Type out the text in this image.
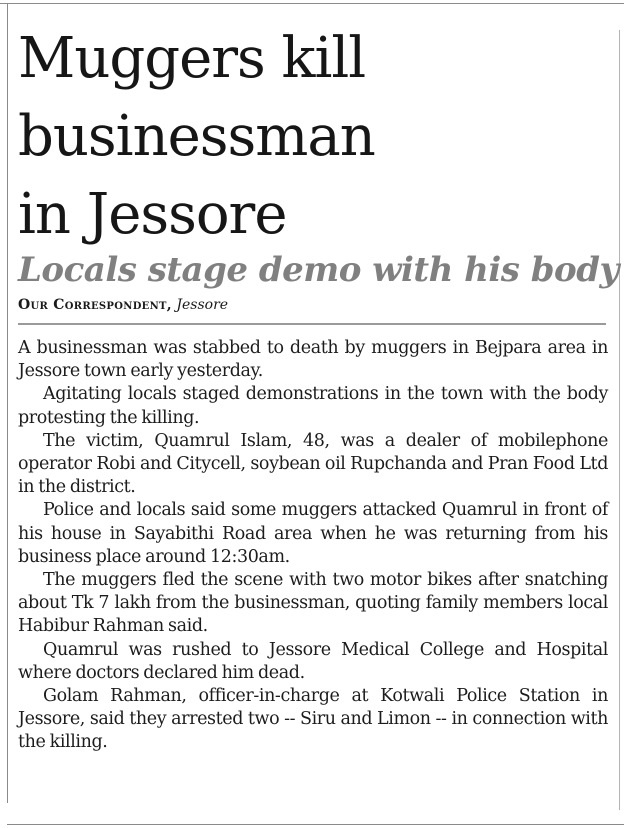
Muggers kill
businessman
in Jessore
Locals stage demo with his body
Our Correspondent, Jessore

A businessman was stabbed to death by muggers in Bejpara area in Jessore town early yesterday.

Agitating locals staged demonstrations in the town with the body protesting the killing.

The victim, Quamrul Islam, 48, was a dealer of mobilephone operator Robi and Citycell, soybean oil Rupchanda and Pran Food Ltd in the district.

Police and locals said some muggers attacked Quamrul in front of his house in Sayabithi Road area when he was returning from his business place around 12:30am.

The muggers fled the scene with two motor bikes after snatching about Tk 7 lakh from the businessman, quoting family members local Habibur Rahman said.

Quamrul was rushed to Jessore Medical College and Hospital where doctors declared him dead.

Golam Rahman, officer-in-charge at Kotwali Police Station in Jessore, said they arrested two -- Siru and Limon -- in connection with the killing.
